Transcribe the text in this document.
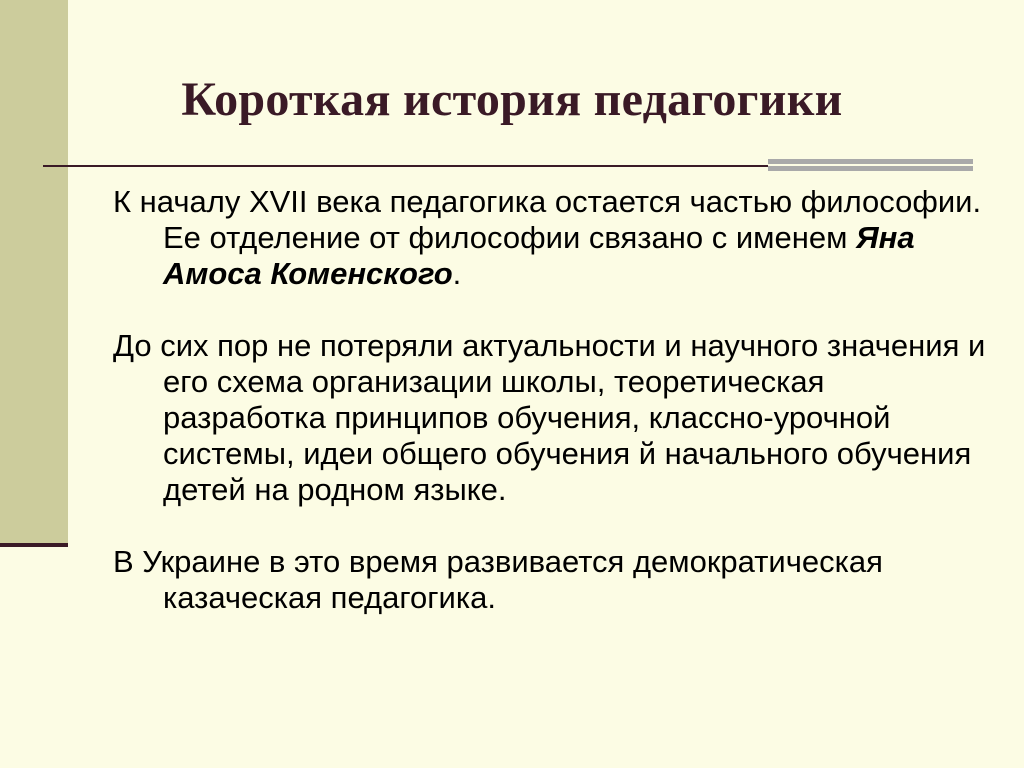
Короткая история педагогики

К началу XVII века педагогика остается частью философии. Ее отделение от философии связано с именем Яна Амоса Коменского.

До сих пор не потеряли актуальности и научного значения и его схема организации школы, теоретическая разработка принципов обучения, классно-урочной системы, идеи общего обучения й начального обучения детей на родном языке.

В Украине в это время развивается демократическая казаческая педагогика.
